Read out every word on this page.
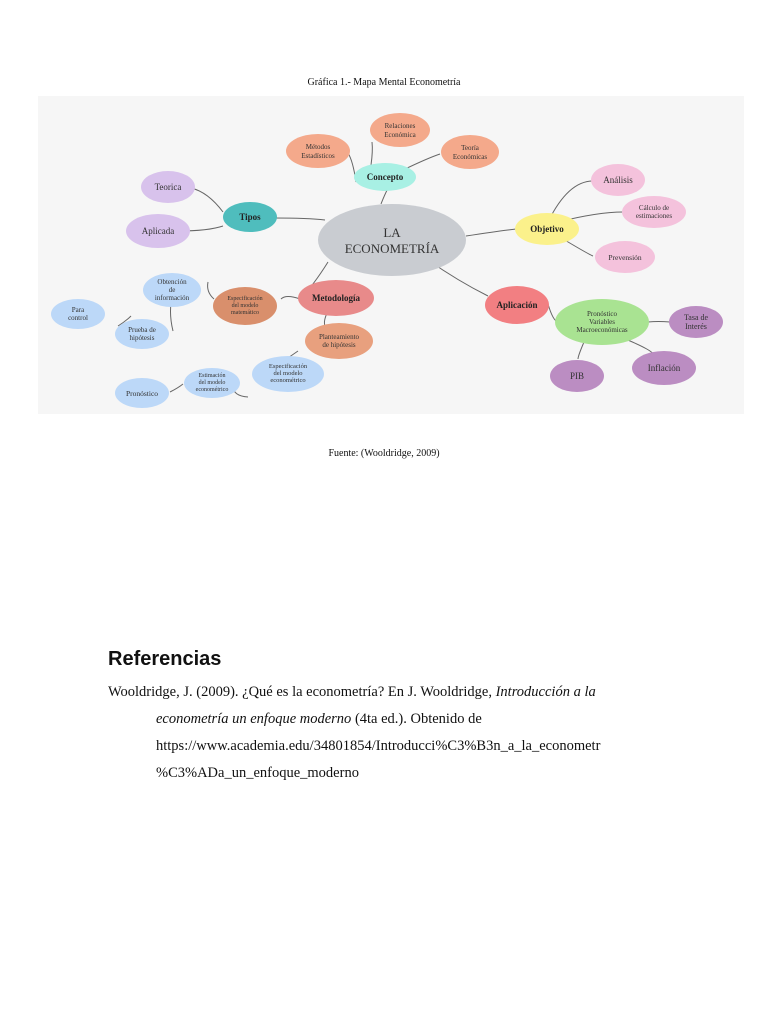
Gráfica 1.- Mapa Mental Econometría
LA
ECONOMETRÍA
Concepto
Métodos
Estadísticos
Relaciones
Económica
Teoría
Económicas
Tipos
Teorica
Aplicada	Objetivo
Análisis
Cálculo de
estimaciones
Prevensión
Metodología
Especificación
del modelo
matemático
Obtención
de
información
Para
control
Prueba de
hipótesis	Planteamiento
de hipótesis
Especificación
del modelo
econométrico
Estimación
del modelo
econométrico
Pronóstico
Aplicación
Pronóstico
Variables
Macroeconómicas
Tasa de
Interés
Inflación
PIB
Fuente: (Wooldridge, 2009)
Referencias
Wooldridge, J. (2009). ¿Qué es la econometría? En J. Wooldridge, Introducción a la
econometría un enfoque moderno (4ta ed.). Obtenido de
https://www.academia.edu/34801854/Introducci%C3%B3n_a_la_econometr
%C3%ADa_un_enfoque_moderno
